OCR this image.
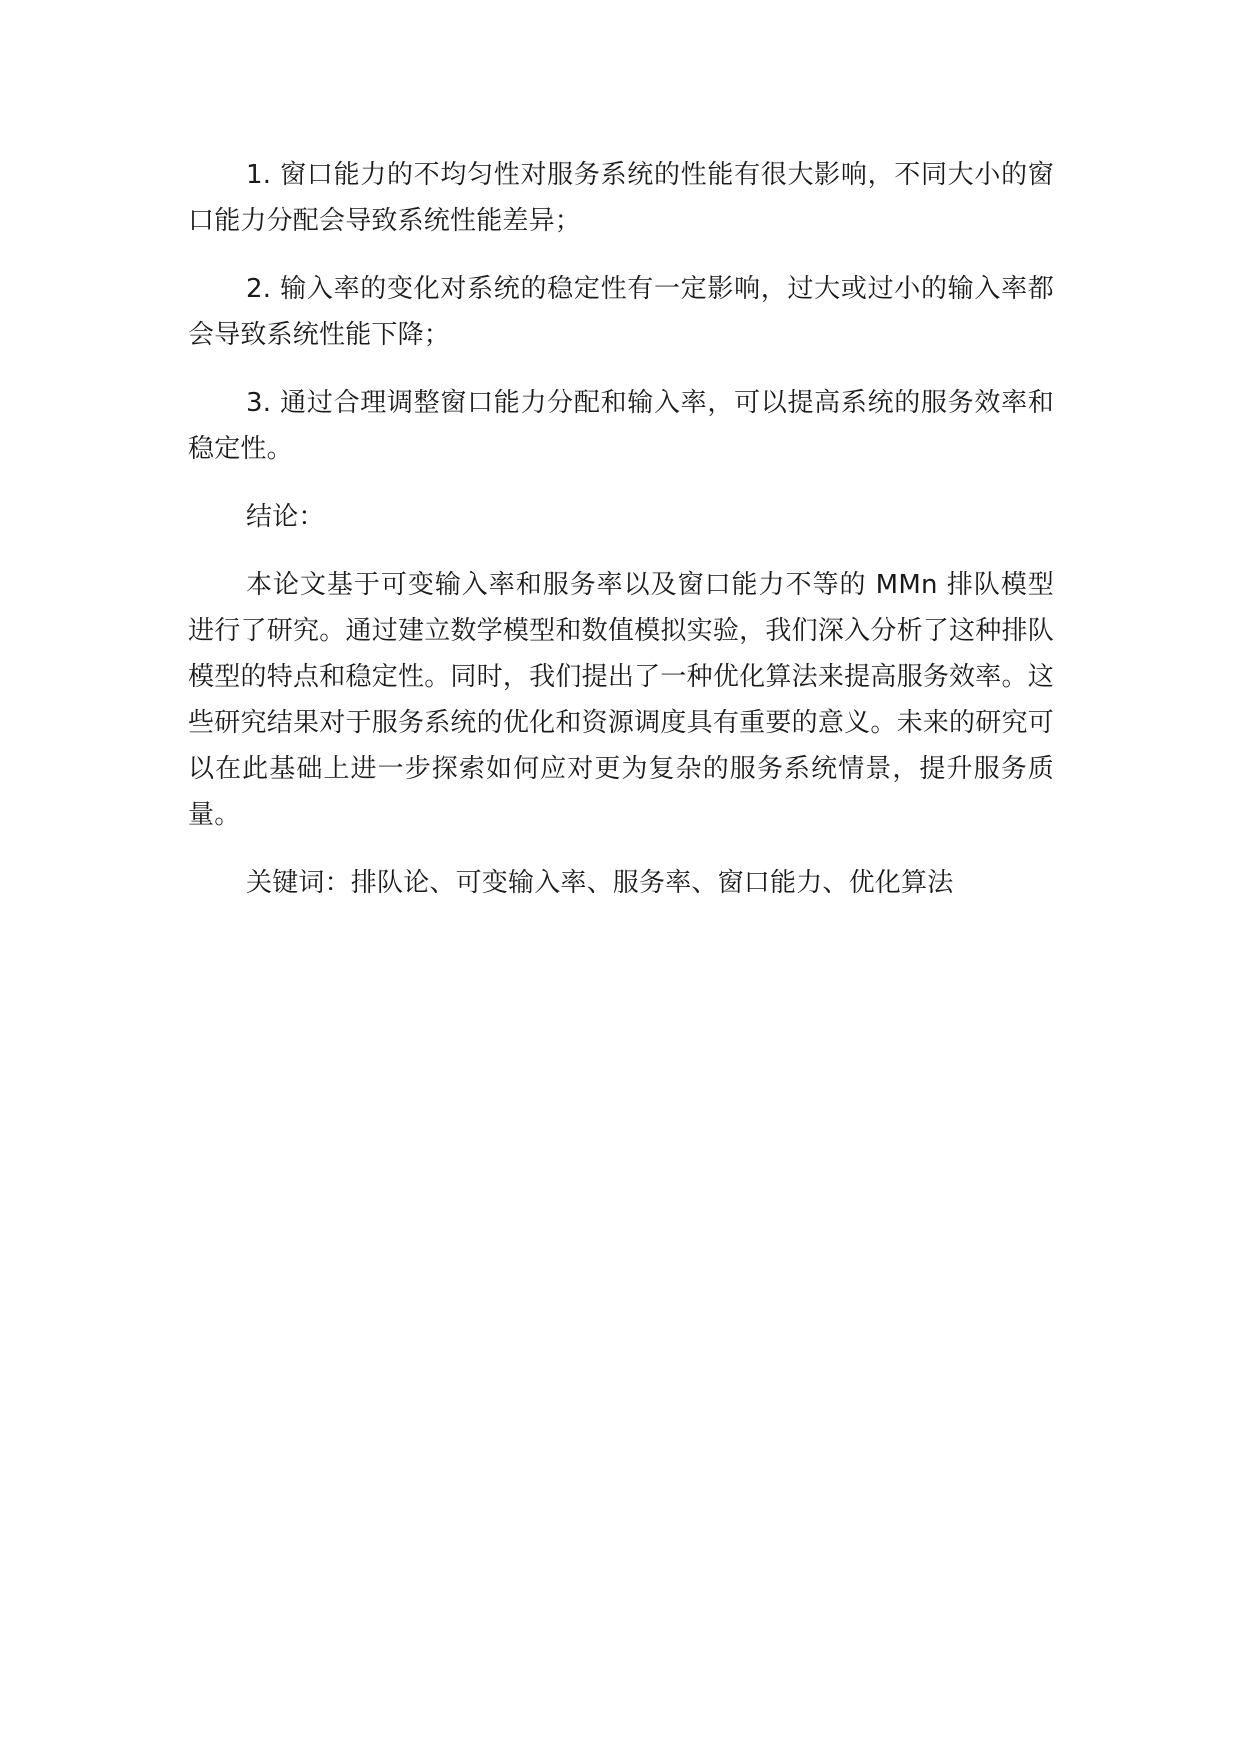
1. 窗口能力的不均匀性对服务系统的性能有很大影响，不同大小的窗口能力分配会导致系统性能差异；

2. 输入率的变化对系统的稳定性有一定影响，过大或过小的输入率都会导致系统性能下降；

3. 通过合理调整窗口能力分配和输入率，可以提高系统的服务效率和稳定性。

结论：

本论文基于可变输入率和服务率以及窗口能力不等的 MMn 排队模型进行了研究。通过建立数学模型和数值模拟实验，我们深入分析了这种排队模型的特点和稳定性。同时，我们提出了一种优化算法来提高服务效率。这些研究结果对于服务系统的优化和资源调度具有重要的意义。未来的研究可以在此基础上进一步探索如何应对更为复杂的服务系统情景，提升服务质量。

关键词：排队论、可变输入率、服务率、窗口能力、优化算法
